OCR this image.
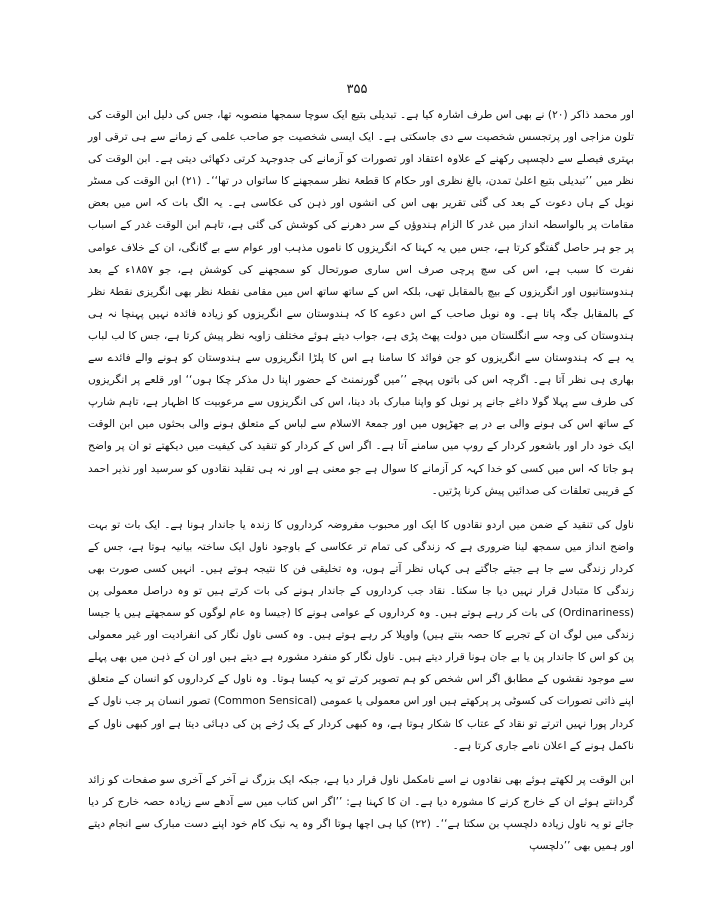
۳۵۵

اور محمد ذاکر (۲۰) نے بھی اس طرف اشارہ کیا ہے۔ تبدیلی بتیع ایک سوچا سمجھا منصوبہ تھا، جس کی دلیل ابن الوقت کی تلون مزاجی اور پرتجسس شخصیت سے دی جاسکتی ہے۔ ایک ایسی شخصیت جو صاحب علمی کے زمانے سے ہی ترقی اور بہتری فیصلے سے دلچسپی رکھنے کے علاوہ اعتقاد اور تصورات کو آزمانے کی جدوجہد کرتی دکھائی دیتی ہے۔ ابن الوقت کی نظر میں ’’تبدیلی بتیع اعلیٰ تمدن، بالغ نظری اور حکام کا قطعۂ نظر سمجھنے کا ساتواں در تھا‘‘۔ (۲۱) ابن الوقت کی مسٹر نوبل کے ہاں دعوت کے بعد کی گئی تقریر بھی اس کی انشوں اور ذہن کی عکاسی ہے۔ یہ الگ بات کہ اس میں بعض مقامات پر بالواسطہ انداز میں غدر کا الزام ہندوؤں کے سر دھرنے کی کوشش کی گئی ہے، تاہم ابن الوقت غدر کے اسباب پر جو ہر حاصل گفتگو کرتا ہے، جس میں یہ کہنا کہ انگریزوں کا ناموں مذہب اور عوام سے بے گانگی، ان کے خلاف عوامی نفرت کا سبب ہے، اس کی سچ پرچی صرف اس ساری صورتحال کو سمجھنے کی کوشش ہے، جو ۱۸۵۷ء کے بعد ہندوستانیوں اور انگریزوں کے بیچ بالمقابل تھی، بلکہ اس کے ساتھ ساتھ اس میں مقامی نقطۂ نظر بھی انگریزی نقطۂ نظر کے بالمقابل جگہ پاتا ہے۔ وہ نوبل صاحب کے اس دعوے کا کہ ہندوستان سے انگریزوں کو زیادہ فائدہ نہیں پہنچا نہ ہی ہندوستان کی وجہ سے انگلستان میں دولت پھٹ پڑی ہے، جواب دیتے ہوئے مختلف زاویہ نظر پیش کرتا ہے، جس کا لب لباب یہ ہے کہ ہندوستان سے انگریزوں کو جن فوائد کا سامنا ہے اس کا پلڑا انگریزوں سے ہندوستان کو ہونے والے فائدے سے بھاری ہی نظر آتا ہے۔ اگرچہ اس کی باتوں پہچے ’’میں گورنمنٹ کے حضور اپنا دل مذکر چکا ہوں‘‘ اور قلعے پر انگریزوں کی طرف سے پہلا گولا داغے جانے پر نوبل کو واپنا مبارک باد دینا، اس کی انگریزوں سے مرعوبیت کا اظہار ہے، تاہم شارپ کے ساتھ اس کی ہونے والی بے در پے جھڑپوں میں اور جمعۃ الاسلام سے لباس کے متعلق ہونے والی بحثوں میں ابن الوقت ایک خود دار اور باشعور کردار کے روپ میں سامنے آتا ہے۔ اگر اس کے کردار کو تنقید کی کیفیت میں دیکھتے تو ان پر واضح ہو جاتا کہ اس میں کسی کو خدا کہہ کر آزمانے کا سوال ہے جو معنی ہے اور نہ ہی تقلید نقادوں کو سرسید اور نذیر احمد کے قریبی تعلقات کی صدائیں پیش کرنا پڑتیں۔

ناول کی تنقید کے ضمن میں اردو نقادوں کا ایک اور محبوب مفروضہ کرداروں کا زندہ یا جاندار ہونا ہے۔ ایک بات تو بہت واضح انداز میں سمجھ لینا ضروری ہے کہ زندگی کی تمام تر عکاسی کے باوجود ناول ایک ساختہ بیانیہ ہوتا ہے، جس کے کردار زندگی سے جا ہے جیتے جاگتے ہی کہاں نظر آتے ہوں، وہ تخلیقی فن کا نتیجہ ہوتے ہیں۔ انہیں کسی صورت بھی زندگی کا متبادل قرار نہیں دیا جا سکتا۔ نقاد جب کرداروں کے جاندار ہونے کی بات کرتے ہیں تو وہ دراصل معمولی پن (Ordinariness) کی بات کر رہے ہوتے ہیں۔ وہ کرداروں کے عوامی ہونے کا (جیسا وہ عام لوگوں کو سمجھتے ہیں یا جیسا زندگی میں لوگ ان کے تجربے کا حصہ بنتے ہیں) واویلا کر رہے ہوتے ہیں۔ وہ کسی ناول نگار کی انفرادیت اور غیر معمولی پن کو اس کا جاندار پن یا بے جان ہونا قرار دیتے ہیں۔ ناول نگار کو منفرد مشورہ ہے دیتے ہیں اور ان کے ذہن میں بھی پہلے سے موجود نقشوں کے مطابق اگر اس شخص کو ہم تصویر کرتے تو یہ کیسا ہوتا۔ وہ ناول کے کرداروں کو انسان کے متعلق اپنے ذاتی تصورات کی کسوٹی پر پرکھتے ہیں اور اس معمولی یا عمومی (Common Sensical) تصور انسان پر جب ناول کے کردار پورا نہیں اترتے تو نقاد کے عتاب کا شکار ہوتا ہے، وہ کبھی کردار کے یک رُخے پن کی دہائی دیتا ہے اور کبھی ناول کے ناکمل ہونے کے اعلان نامے جاری کرتا ہے۔

ابن الوقت پر لکھتے ہوئے بھی نقادوں نے اسے نامکمل ناول قرار دیا ہے، جبکہ ایک بزرگ نے آخر کے آخری سو صفحات کو زائد گردانتے ہوئے ان کے خارج کرنے کا مشورہ دیا ہے۔ ان کا کہنا ہے: ’’اگر اس کتاب میں سے آدھے سے زیادہ حصہ خارج کر دیا جائے تو یہ ناول زیادہ دلچسپ بن سکتا ہے‘‘۔ (۲۲) کیا ہی اچھا ہوتا اگر وہ یہ نیک کام خود اپنے دست مبارک سے انجام دیتے اور ہمیں بھی ’’دلچسپ
